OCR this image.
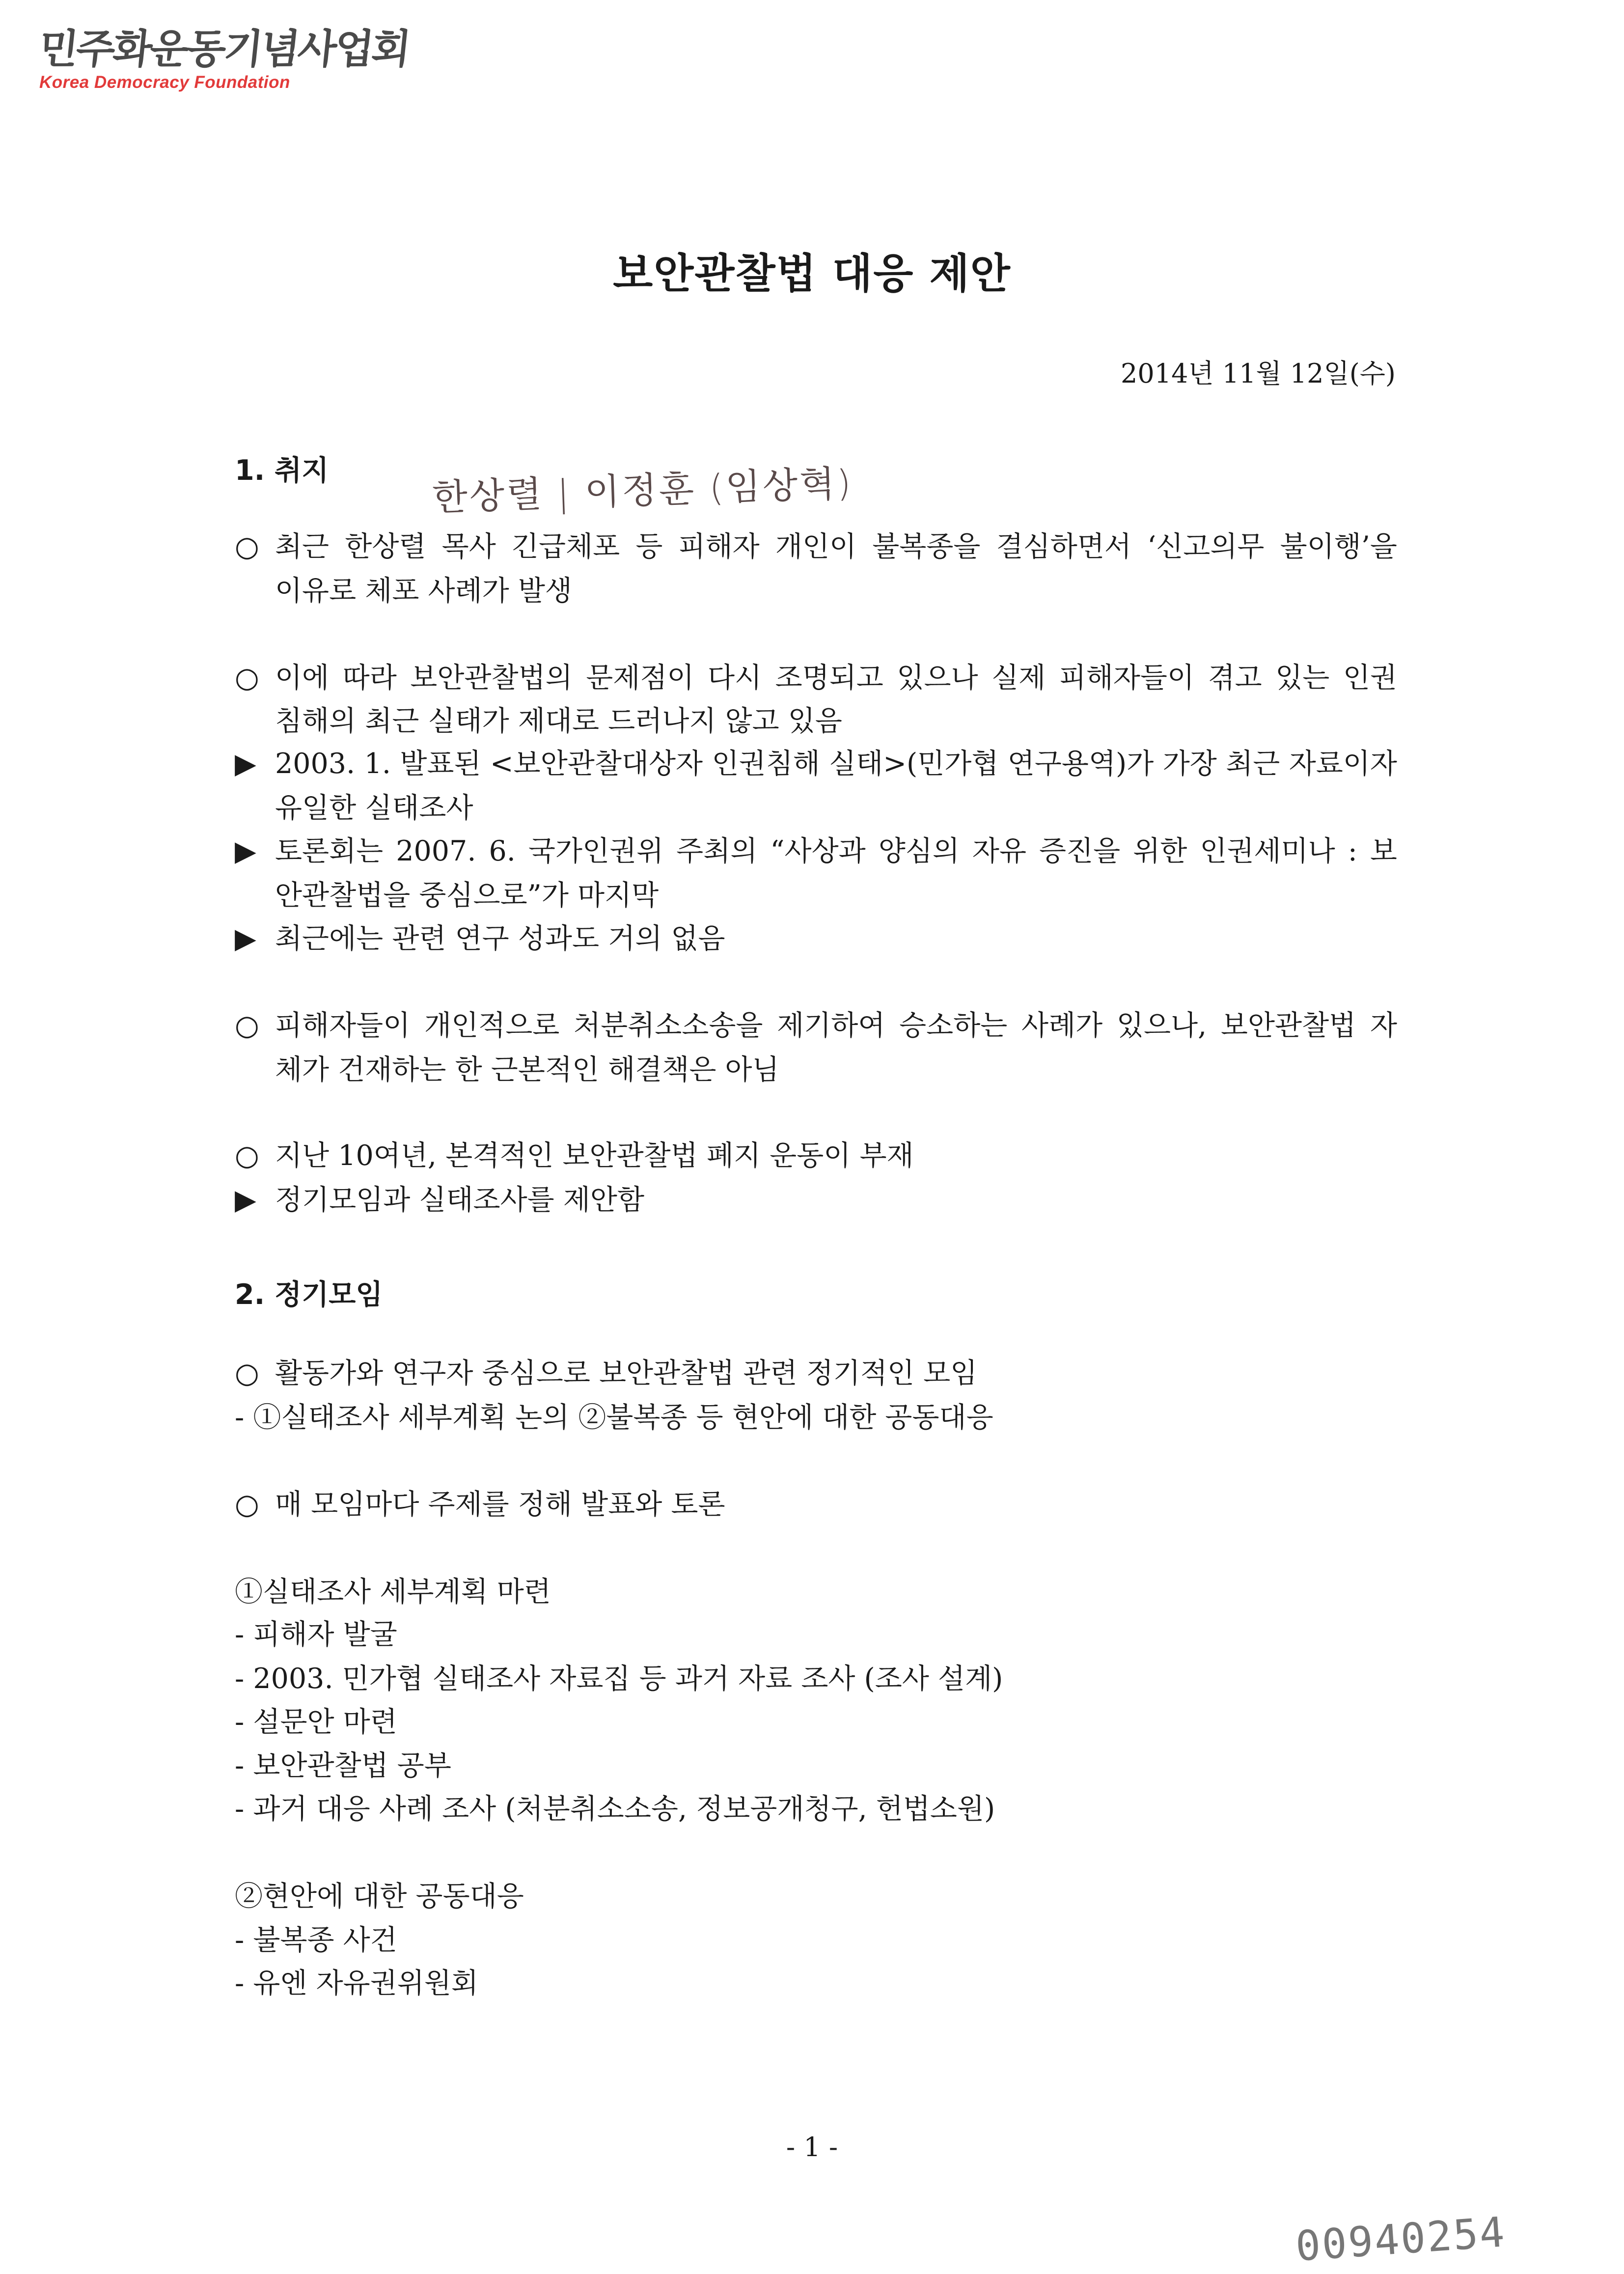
민주화운동기념사업회
Korea Democracy Foundation
보안관찰법 대응 제안
2014년 11월 12일(수)
1. 취지	한상렬 | 이정훈 (임상혁)
○ 최근 한상렬 목사 긴급체포 등 피해자 개인이 불복종을 결심하면서 ‘신고의무 불이행’을
이유로 체포 사례가 발생
○ 이에 따라 보안관찰법의 문제점이 다시 조명되고 있으나 실제 피해자들이 겪고 있는 인권
침해의 최근 실태가 제대로 드러나지 않고 있음
▶ 2003. 1. 발표된 <보안관찰대상자 인권침해 실태>(민가협 연구용역)가 가장 최근 자료이자
유일한 실태조사
▶ 토론회는 2007. 6. 국가인권위 주최의 “사상과 양심의 자유 증진을 위한 인권세미나 : 보
안관찰법을 중심으로”가 마지막
▶ 최근에는 관련 연구 성과도 거의 없음
○ 피해자들이 개인적으로 처분취소소송을 제기하여 승소하는 사례가 있으나, 보안관찰법 자
체가 건재하는 한 근본적인 해결책은 아님
○ 지난 10여년, 본격적인 보안관찰법 폐지 운동이 부재
▶ 정기모임과 실태조사를 제안함
2. 정기모임
○ 활동가와 연구자 중심으로 보안관찰법 관련 정기적인 모임
- ①실태조사 세부계획 논의 ②불복종 등 현안에 대한 공동대응
○ 매 모임마다 주제를 정해 발표와 토론
①실태조사 세부계획 마련
- 피해자 발굴
- 2003. 민가협 실태조사 자료집 등 과거 자료 조사 (조사 설계)
- 설문안 마련
- 보안관찰법 공부
- 과거 대응 사례 조사 (처분취소소송, 정보공개청구, 헌법소원)
②현안에 대한 공동대응
- 불복종 사건
- 유엔 자유권위원회
- 1 -
00940254
